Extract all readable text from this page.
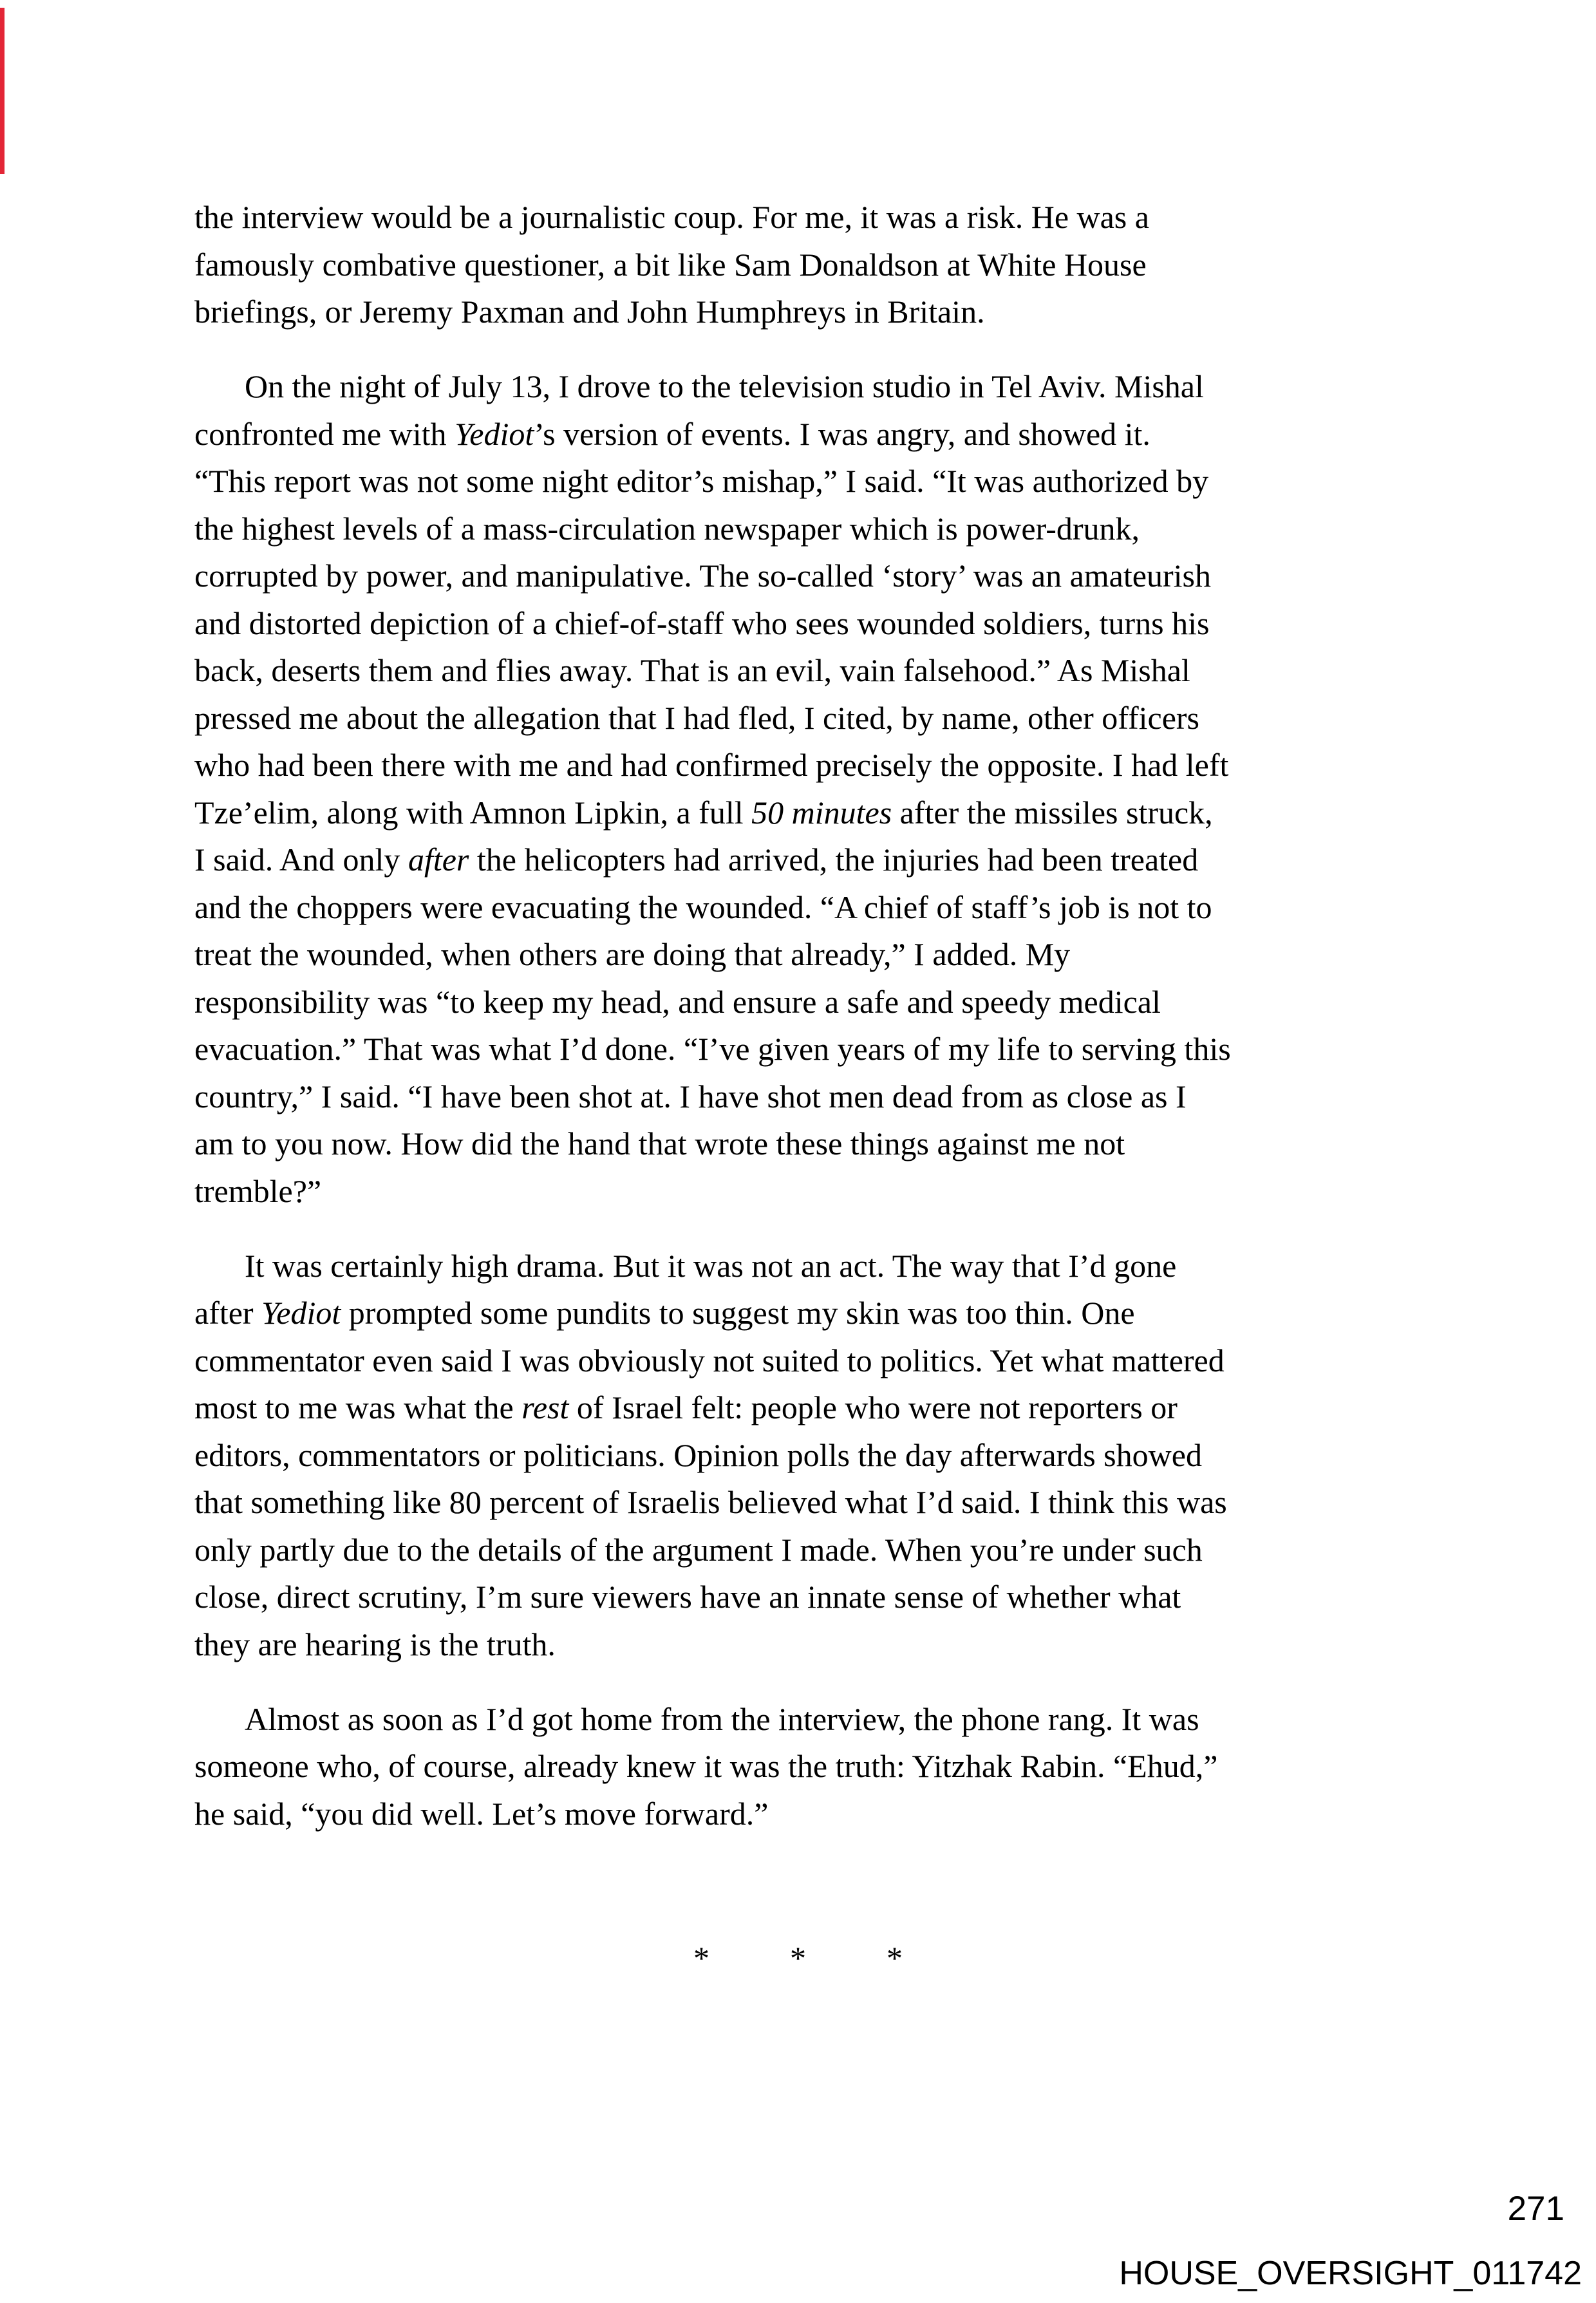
the interview would be a journalistic coup. For me, it was a risk. He was a
famously combative questioner, a bit like Sam Donaldson at White House
briefings, or Jeremy Paxman and John Humphreys in Britain.
On the night of July 13, I drove to the television studio in Tel Aviv. Mishal
confronted me with Yediot’s version of events. I was angry, and showed it.
“This report was not some night editor’s mishap,” I said. “It was authorized by
the highest levels of a mass-circulation newspaper which is power-drunk,
corrupted by power, and manipulative. The so-called ‘story’ was an amateurish
and distorted depiction of a chief-of-staff who sees wounded soldiers, turns his
back, deserts them and flies away. That is an evil, vain falsehood.” As Mishal
pressed me about the allegation that I had fled, I cited, by name, other officers
who had been there with me and had confirmed precisely the opposite. I had left
Tze’elim, along with Amnon Lipkin, a full 50 minutes after the missiles struck,
I said. And only after the helicopters had arrived, the injuries had been treated
and the choppers were evacuating the wounded. “A chief of staff’s job is not to
treat the wounded, when others are doing that already,” I added. My
responsibility was “to keep my head, and ensure a safe and speedy medical
evacuation.” That was what I’d done. “I’ve given years of my life to serving this
country,” I said. “I have been shot at. I have shot men dead from as close as I
am to you now. How did the hand that wrote these things against me not
tremble?”
It was certainly high drama. But it was not an act. The way that I’d gone
after Yediot prompted some pundits to suggest my skin was too thin. One
commentator even said I was obviously not suited to politics. Yet what mattered
most to me was what the rest of Israel felt: people who were not reporters or
editors, commentators or politicians. Opinion polls the day afterwards showed
that something like 80 percent of Israelis believed what I’d said. I think this was
only partly due to the details of the argument I made. When you’re under such
close, direct scrutiny, I’m sure viewers have an innate sense of whether what
they are hearing is the truth.
Almost as soon as I’d got home from the interview, the phone rang. It was
someone who, of course, already knew it was the truth: Yitzhak Rabin. “Ehud,”
he said, “you did well. Let’s move forward.”
*	*	*
271
HOUSE_OVERSIGHT_011742
